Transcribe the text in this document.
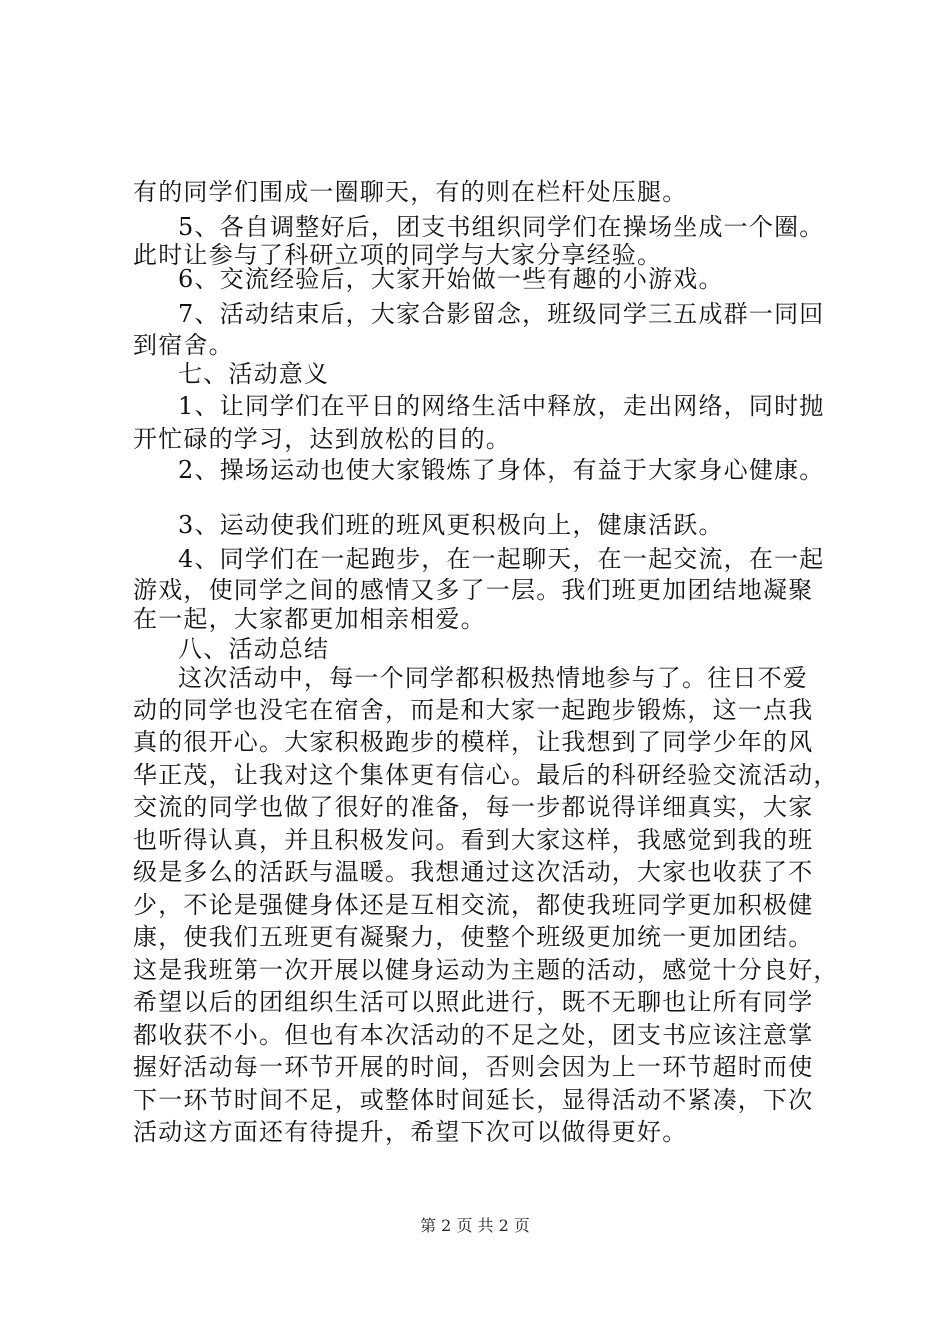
有的同学们围成一圈聊天，有的则在栏杆处压腿。
5、各自调整好后，团支书组织同学们在操场坐成一个圈。
此时让参与了科研立项的同学与大家分享经验。
6、交流经验后，大家开始做一些有趣的小游戏。
7、活动结束后，大家合影留念，班级同学三五成群一同回
到宿舍。
七、活动意义
1、让同学们在平日的网络生活中释放，走出网络，同时抛
开忙碌的学习，达到放松的目的。
2、操场运动也使大家锻炼了身体，有益于大家身心健康。
3、运动使我们班的班风更积极向上，健康活跃。
4、同学们在一起跑步，在一起聊天，在一起交流，在一起
游戏，使同学之间的感情又多了一层。我们班更加团结地凝聚
在一起，大家都更加相亲相爱。
八、活动总结
这次活动中，每一个同学都积极热情地参与了。往日不爱
动的同学也没宅在宿舍，而是和大家一起跑步锻炼，这一点我
真的很开心。大家积极跑步的模样，让我想到了同学少年的风
华正茂，让我对这个集体更有信心。最后的科研经验交流活动，
交流的同学也做了很好的准备，每一步都说得详细真实，大家
也听得认真，并且积极发问。看到大家这样，我感觉到我的班
级是多么的活跃与温暖。我想通过这次活动，大家也收获了不
少，不论是强健身体还是互相交流，都使我班同学更加积极健
康，使我们五班更有凝聚力，使整个班级更加统一更加团结。
这是我班第一次开展以健身运动为主题的活动，感觉十分良好，
希望以后的团组织生活可以照此进行，既不无聊也让所有同学
都收获不小。但也有本次活动的不足之处，团支书应该注意掌
握好活动每一环节开展的时间，否则会因为上一环节超时而使
下一环节时间不足，或整体时间延长，显得活动不紧凑，下次
活动这方面还有待提升，希望下次可以做得更好。
第 2 页 共 2 页
